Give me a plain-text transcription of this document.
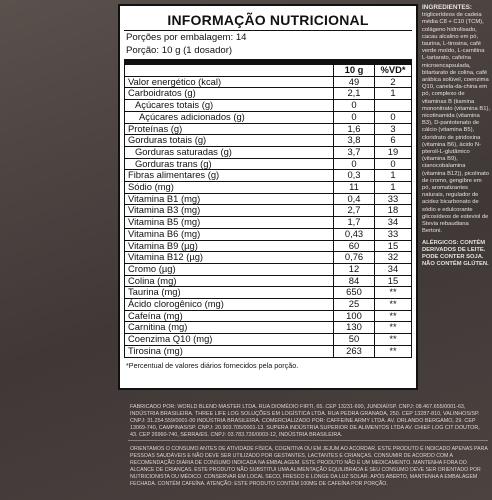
INFORMAÇÃO NUTRICIONAL
Porções por embalagem: 14
Porção: 10 g (1 dosador)
	10 g	%VD*
Valor energético (kcal)	49	2
Carboidratos (g)	2,1	1
Açúcares totais (g)	0	
Açúcares adicionados (g)	0	0
Proteínas (g)	1,6	3
Gorduras totais (g)	3,8	6
Gorduras saturadas (g)	3,7	19
Gorduras trans (g)	0	0
Fibras alimentares (g)	0,3	1
Sódio (mg)	11	1
Vitamina B1 (mg)	0,4	33
Vitamina B3 (mg)	2,7	18
Vitamina B5 (mg)	1,7	34
Vitamina B6 (mg)	0,43	33
Vitamina B9 (µg)	60	15
Vitamina B12 (µg)	0,76	32
Cromo (µg)	12	34
Colina (mg)	84	15
Taurina (mg)	650	**
Ácido clorogênico (mg)	25	**
Cafeína (mg)	100	**
Carnitina (mg)	130	**
Coenzima Q10 (mg)	50	**
Tirosina (mg)	263	**
*Percentual de valores diários fornecidos pela porção.
INGREDIENTES:
triglicerídeos de cadeia média C8 + C10 (TCM), colágeno hidrolisado, cacau alcalino em pó, taurina, L-tirosina, café verde moído, L-carnitina L-tartarato, cafeína microencapsulada, bitartarato de colina, café arábica solúvel, coenzima Q10, canela-da-china em pó, complexo de vitaminas B (tiamina mononitrato (vitamina B1), nicotinamida (vitamina B3), D-pantotenato de cálcio (vitamina B5), cloridrato de piridoxina (vitamina B6), ácido N-pteroil-L-glutâmico (vitamina B9), cianocobalamina (vitamina B12)), picolinato de cromo, gengibre em pó, aromatizantes naturais, regulador de acidez bicarbonato de sódio e edulcorante glicosídeos de esteviol de Stevia rebaudiana Bertoni.
ALÉRGICOS: CONTÉM DERIVADOS DE LEITE. PODE CONTER SOJA. NÃO CONTÉM GLÚTEN.
FABRICADO POR: WORLD BLEND MASTER LTDA. RUA DIOMÉDIO FIRTI, 65. CEP 13231-690, JUNDIAÍ/SP. CNPJ: 08.467.655/0001-63, INDÚSTRIA BRASILEIRA. THREE LIFE LOG SOLUÇÕES EM LOGÍSTICA LTDA. RUA PEDRA GRANADA, 250. CEP 13287-810, VALINHOS/SP. CNPJ: 31.254.559/0001-00 INDÚSTRIA BRASILEIRA. COMERCIALIZADO POR: CAFFEINE ARMY LTDA. AV. ORLANDO BERGAMO, 29. CEP 13069-740, CAMPINAS/SP. CNPJ: 20.903.705/0001-13. SUPERA INDÚSTRIA SUPERIOR DE ALIMENTOS LTDA AV. CHIEF LOG CIT DOUTOR, 43. CEP 26960-740, SERRA/ES. CNPJ: 03.783.726/0003-12, INDÚSTRIA BRASILEIRA.
ORIENTAMOS O CONSUMO ANTES DE ATIVIDADE FÍSICA, COGNITIVA OU EM JEJUM AO ACORDAR. ESTE PRODUTO É INDICADO APENAS PARA PESSOAS SAUDÁVEIS E NÃO DEVE SER UTILIZADO POR GESTANTES, LACTANTES E CRIANÇAS. CONSUMIR DE ACORDO COM A RECOMENDAÇÃO DIÁRIA DE CONSUMO INDICADA NA EMBALAGEM. ESTE PRODUTO NÃO É UM MEDICAMENTO. MANTENHA FORA DO ALCANCE DE CRIANÇAS. ESTE PRODUTO NÃO SUBSTITUI UMA ALIMENTAÇÃO EQUILIBRADA E SEU CONSUMO DEVE SER ORIENTADO POR NUTRICIONISTA OU MÉDICO. CONSERVAR EM LOCAL SECO, FRESCO E LONGE DA LUZ SOLAR. APÓS ABERTO, MANTENHA A EMBALAGEM FECHADA. CONTÉM CAFEÍNA. ATENÇÃO: ESTE PRODUTO CONTÉM 100MG DE CAFEÍNA POR PORÇÃO.
